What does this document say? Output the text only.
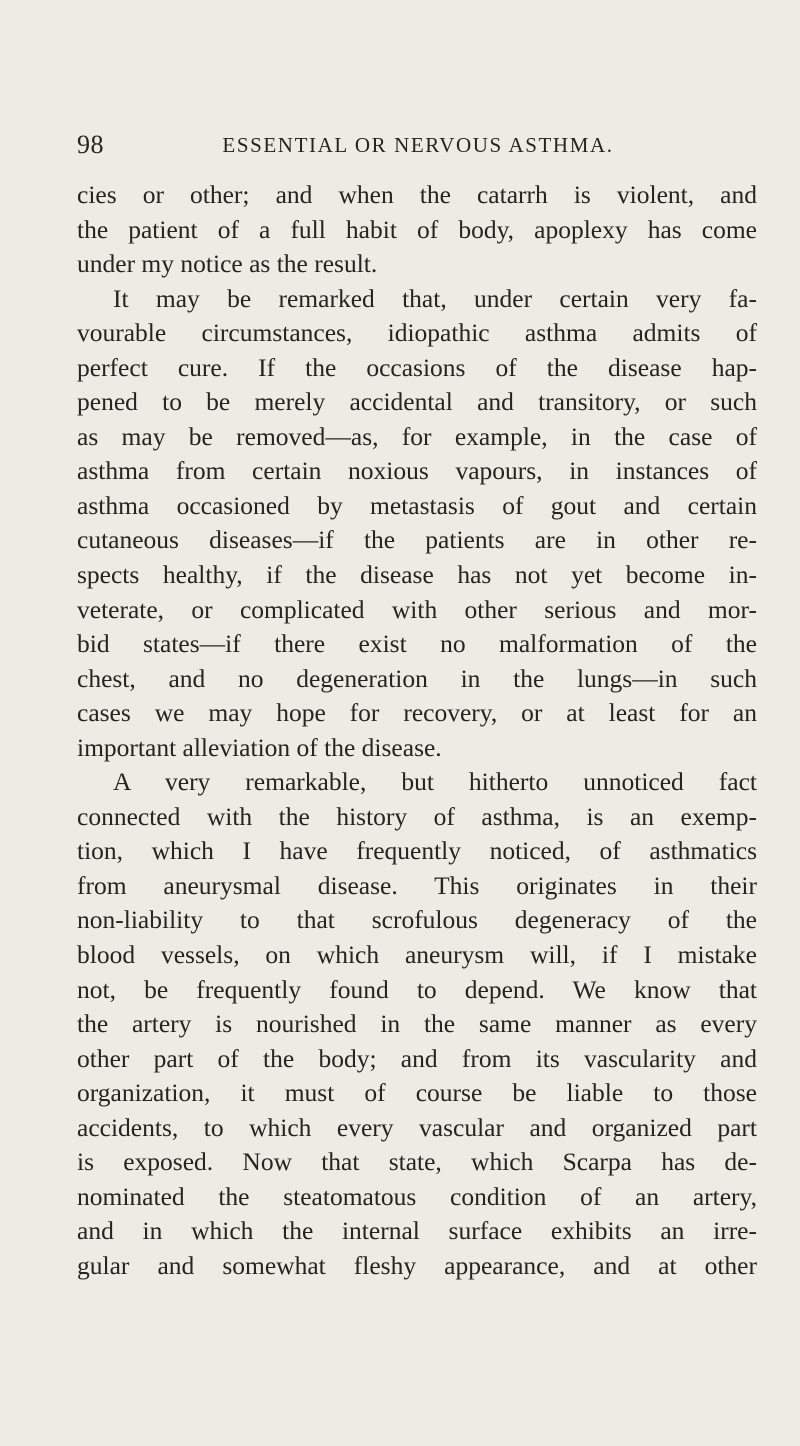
98	ESSENTIAL OR NERVOUS ASTHMA.
cies or other; and when the catarrh is violent, and
the patient of a full habit of body, apoplexy has come
under my notice as the result.
It may be remarked that, under certain very fa-
vourable circumstances, idiopathic asthma admits of
perfect cure. If the occasions of the disease hap-
pened to be merely accidental and transitory, or such
as may be removed—as, for example, in the case of
asthma from certain noxious vapours, in instances of
asthma occasioned by metastasis of gout and certain
cutaneous diseases—if the patients are in other re-
spects healthy, if the disease has not yet become in-
veterate, or complicated with other serious and mor-
bid states—if there exist no malformation of the
chest, and no degeneration in the lungs—in such
cases we may hope for recovery, or at least for an
important alleviation of the disease.
A very remarkable, but hitherto unnoticed fact
connected with the history of asthma, is an exemp-
tion, which I have frequently noticed, of asthmatics
from aneurysmal disease. This originates in their
non-liability to that scrofulous degeneracy of the
blood vessels, on which aneurysm will, if I mistake
not, be frequently found to depend. We know that
the artery is nourished in the same manner as every
other part of the body; and from its vascularity and
organization, it must of course be liable to those
accidents, to which every vascular and organized part
is exposed. Now that state, which Scarpa has de-
nominated the steatomatous condition of an artery,
and in which the internal surface exhibits an irre-
gular and somewhat fleshy appearance, and at other
